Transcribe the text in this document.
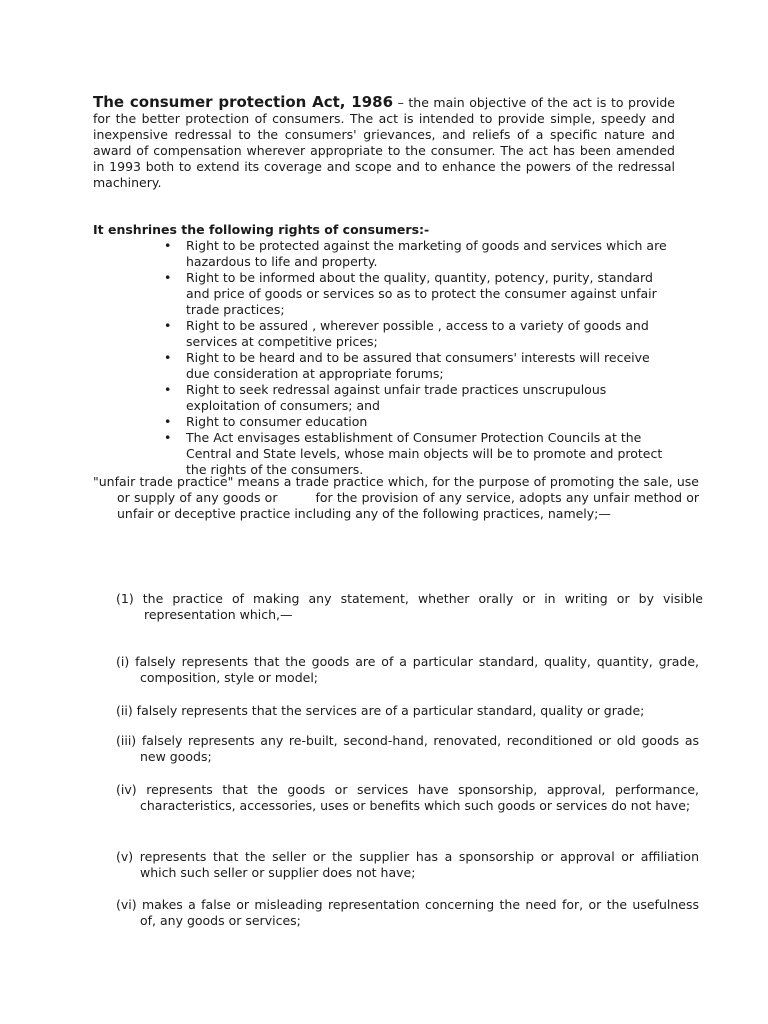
The consumer protection Act, 1986 – the main objective of the act is to provide for the better protection of consumers. The act is intended to provide simple, speedy and inexpensive redressal to the consumers' grievances, and reliefs of a specific nature and award of compensation wherever appropriate to the consumer. The act has been amended in 1993 both to extend its coverage and scope and to enhance the powers of the redressal machinery.

It enshrines the following rights of consumers:-

• Right to be protected against the marketing of goods and services which are hazardous to life and property.
• Right to be informed about the quality, quantity, potency, purity, standard and price of goods or services so as to protect the consumer against unfair trade practices;
• Right to be assured , wherever possible , access to a variety of goods and services at competitive prices;
• Right to be heard and to be assured that consumers' interests will receive due consideration at appropriate forums;
• Right to seek redressal against unfair trade practices unscrupulous exploitation of consumers; and
• Right to consumer education
• The Act envisages establishment of Consumer Protection Councils at the Central and State levels, whose main objects will be to promote and protect the rights of the consumers.

"unfair trade practice" means a trade practice which, for the purpose of promoting the sale, use or supply of any goods or	for the provision of any service, adopts any unfair method or unfair or deceptive practice including any of the following practices, namely;—

(1) the practice of making any statement, whether orally or in writing or by visible representation which,—

(i) falsely represents that the goods are of a particular standard, quality, quantity, grade, composition, style or model;

(ii) falsely represents that the services are of a particular standard, quality or grade;

(iii) falsely represents any re-built, second-hand, renovated, reconditioned or old goods as new goods;

(iv) represents that the goods or services have sponsorship, approval, performance, characteristics, accessories, uses or benefits which such goods or services do not have;

(v) represents that the seller or the supplier has a sponsorship or approval or affiliation which such seller or supplier does not have;

(vi) makes a false or misleading representation concerning the need for, or the usefulness of, any goods or services;
